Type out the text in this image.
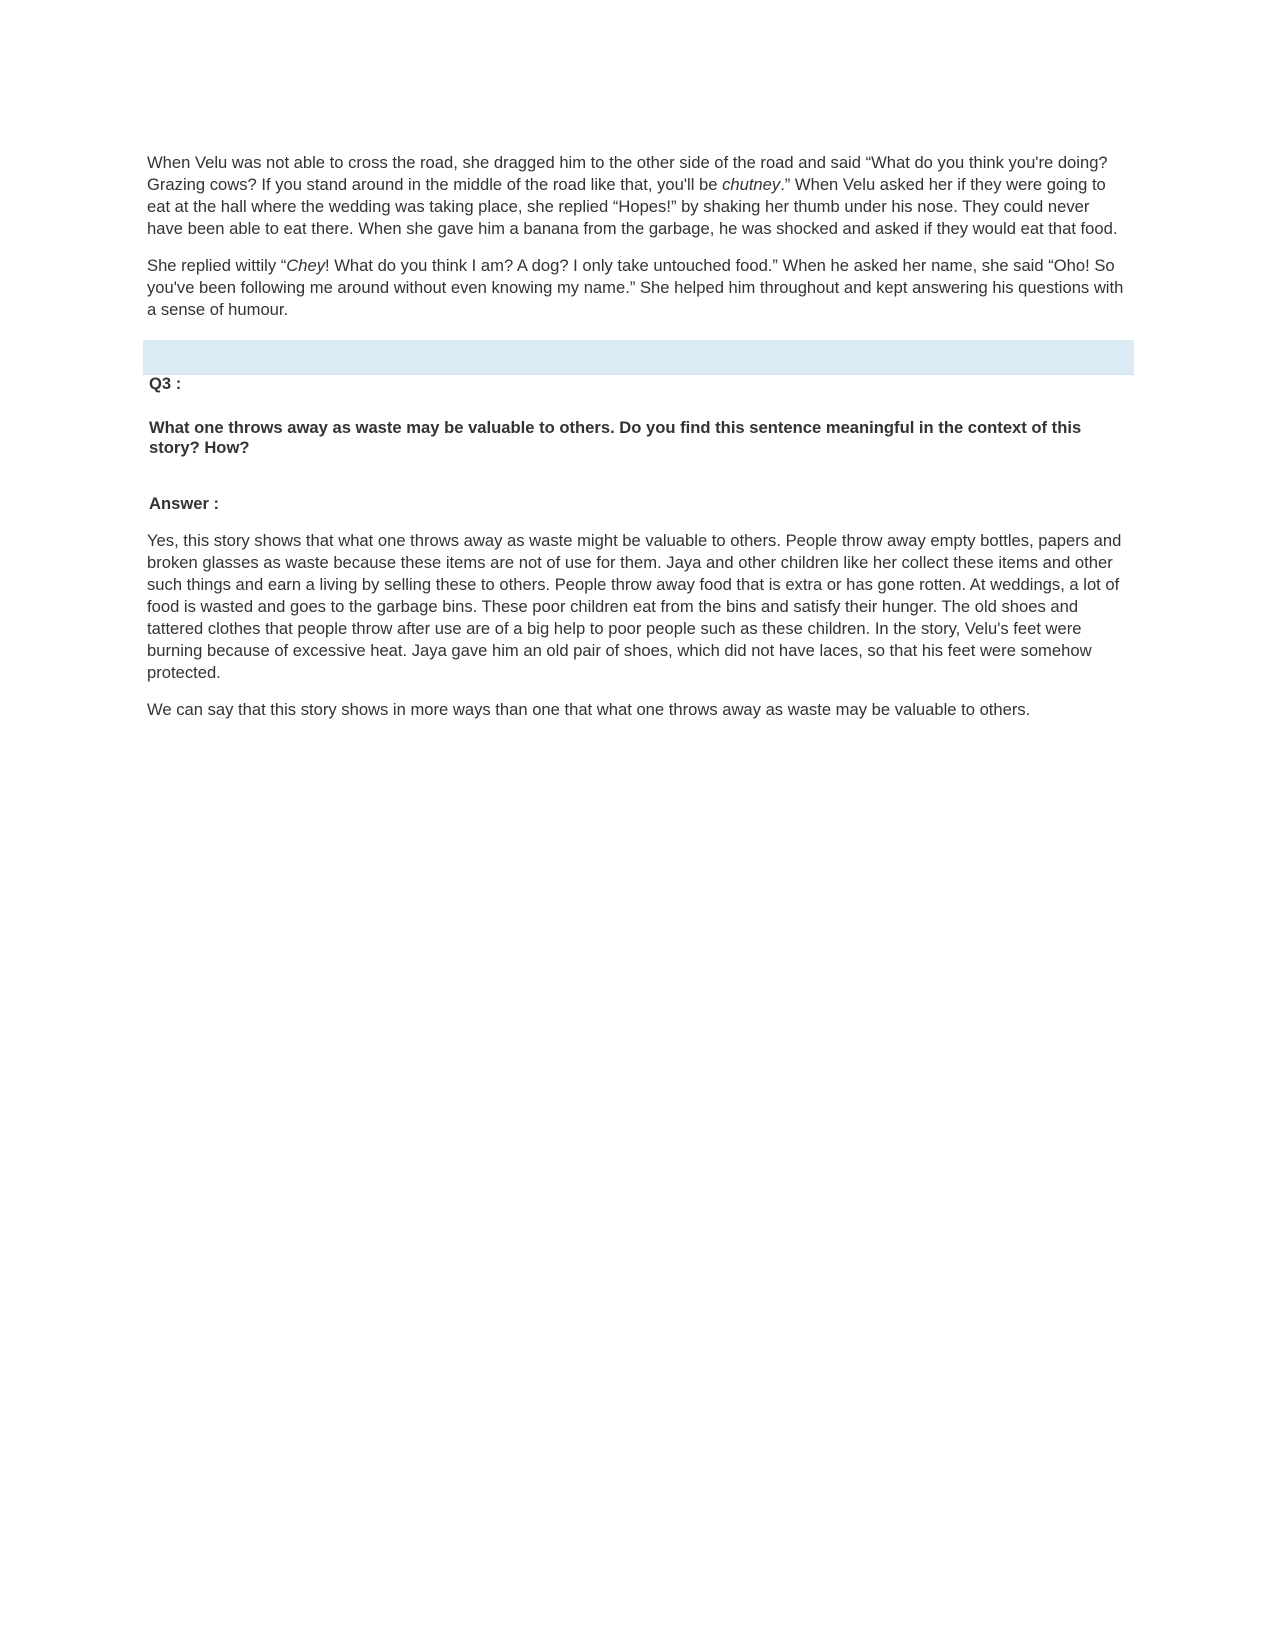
When Velu was not able to cross the road, she dragged him to the other side of the road and said “What do you think you're doing? Grazing cows? If you stand around in the middle of the road like that, you'll be chutney.” When Velu asked her if they were going to eat at the hall where the wedding was taking place, she replied “Hopes!” by shaking her thumb under his nose. They could never have been able to eat there. When she gave him a banana from the garbage, he was shocked and asked if they would eat that food.

She replied wittily “Chey! What do you think I am? A dog? I only take untouched food.” When he asked her name, she said “Oho! So you've been following me around without even knowing my name.” She helped him throughout and kept answering his questions with a sense of humour.

Q3 :

What one throws away as waste may be valuable to others. Do you find this sentence meaningful in the context of this story? How?

Answer :

Yes, this story shows that what one throws away as waste might be valuable to others. People throw away empty bottles, papers and broken glasses as waste because these items are not of use for them. Jaya and other children like her collect these items and other such things and earn a living by selling these to others. People throw away food that is extra or has gone rotten. At weddings, a lot of food is wasted and goes to the garbage bins. These poor children eat from the bins and satisfy their hunger. The old shoes and tattered clothes that people throw after use are of a big help to poor people such as these children. In the story, Velu's feet were burning because of excessive heat. Jaya gave him an old pair of shoes, which did not have laces, so that his feet were somehow protected.

We can say that this story shows in more ways than one that what one throws away as waste may be valuable to others.
